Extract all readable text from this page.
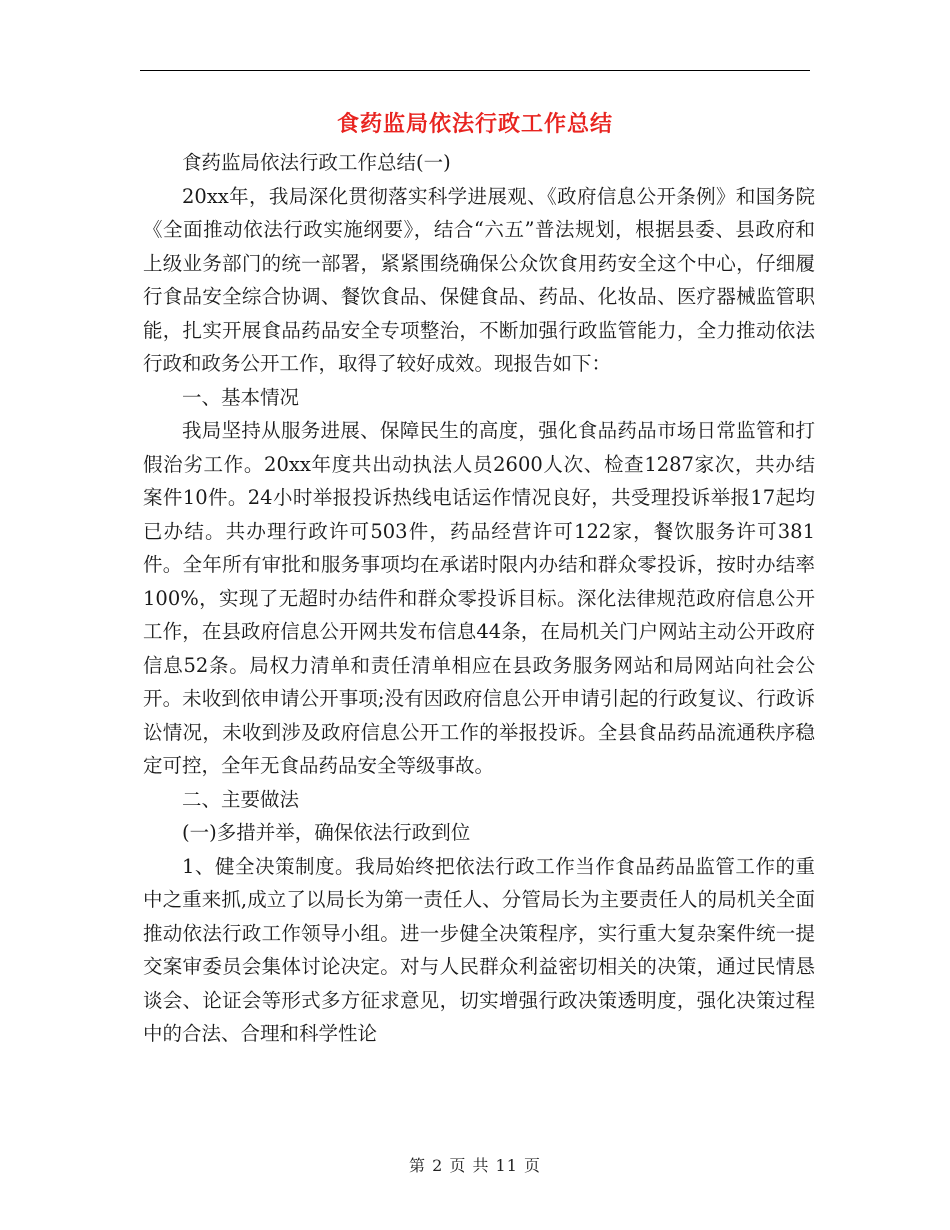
食药监局依法行政工作总结

食药监局依法行政工作总结(一)

20xx年，我局深化贯彻落实科学进展观、《政府信息公开条例》和国务院《全面推动依法行政实施纲要》，结合“六五”普法规划，根据县委、县政府和上级业务部门的统一部署，紧紧围绕确保公众饮食用药安全这个中心，仔细履行食品安全综合协调、餐饮食品、保健食品、药品、化妆品、医疗器械监管职能，扎实开展食品药品安全专项整治，不断加强行政监管能力，全力推动依法行政和政务公开工作，取得了较好成效。现报告如下：

一、基本情况

我局坚持从服务进展、保障民生的高度，强化食品药品市场日常监管和打假治劣工作。20xx年度共出动执法人员2600人次、检查1287家次，共办结案件10件。24小时举报投诉热线电话运作情况良好，共受理投诉举报17起均已办结。共办理行政许可503件，药品经营许可122家，餐饮服务许可381件。全年所有审批和服务事项均在承诺时限内办结和群众零投诉，按时办结率100%，实现了无超时办结件和群众零投诉目标。深化法律规范政府信息公开工作，在县政府信息公开网共发布信息44条，在局机关门户网站主动公开政府信息52条。局权力清单和责任清单相应在县政务服务网站和局网站向社会公开。未收到依申请公开事项;没有因政府信息公开申请引起的行政复议、行政诉讼情况，未收到涉及政府信息公开工作的举报投诉。全县食品药品流通秩序稳定可控，全年无食品药品安全等级事故。

二、主要做法

(一)多措并举，确保依法行政到位

1、健全决策制度。我局始终把依法行政工作当作食品药品监管工作的重中之重来抓,成立了以局长为第一责任人、分管局长为主要责任人的局机关全面推动依法行政工作领导小组。进一步健全决策程序，实行重大复杂案件统一提交案审委员会集体讨论决定。对与人民群众利益密切相关的决策，通过民情恳谈会、论证会等形式多方征求意见，切实增强行政决策透明度，强化决策过程中的合法、合理和科学性论

第 2 页 共 11 页
